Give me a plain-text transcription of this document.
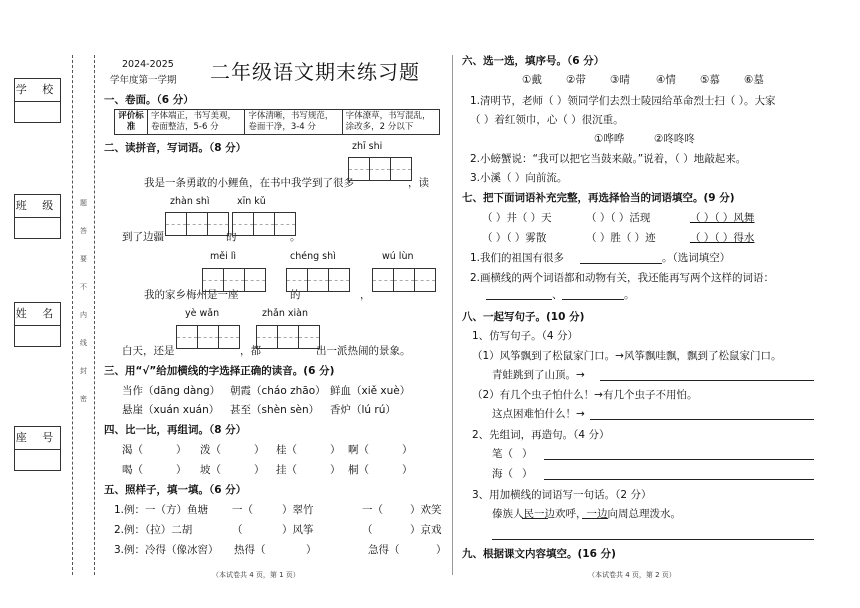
学 校
班 级
姓 名
座 号
题
答
要
不
内
线
封
密
2024-2025
学年度第一学期 二年级语文期末练习题
一、卷面。（6 分）
评价标准	字体端正，书写美观，卷面整洁，5-6 分	字体清晰，书写规范，卷面干净，3-4 分	字体潦草，书写混乱，涂改多，2 分以下
二、读拼音，写词语。（8 分）	zhī shi
我是一条勇敢的小鲤鱼，在书中我学到了很多	，读
zhàn shì	xīn kǔ
到了边疆	的	。
měi lì	chéng shì	wú lùn
我的家乡梅州是一座	的	，
yè wǎn	zhǎn xiàn
白天，还是	，都	出一派热闹的景象。
三、用“√”给加横线的字选择正确的读音。(6 分)
当作（dāng dàng） 朝霞（cháo zhāo） 鲜血（xiě xuè）
悬崖（xuán xuán） 甚至（shèn sèn） 香炉（lú rú）
四、比一比，再组词。（8 分）
渴（	） 泼（	） 桂（	） 啊（	）
喝（	） 坡（	） 挂（	） 桐（	）
五、照样子，填一填。（6 分）
1.例：一（方）鱼塘 一（	）翠竹	一（	）欢笑
2.例：（拉）二胡	（	）风筝	（	）京戏
3.例：冷得（像冰窖） 热得（	）	急得（	）
（本试卷共 4 页，第 1 页）
六、选一选，填序号。（6 分）
①戴 ②带 ③晴 ④情 ⑤慕 ⑥墓
1.清明节，老师（ ）领同学们去烈士陵园给革命烈士扫（ ）。大家
（ ）着红领巾，心（ ）很沉重。
①哗哗	②咚咚咚
2.小螃蟹说：“我可以把它当鼓来敲。”说着，（ ）地敲起来。
3.小溪（ ）向前流。
七、把下面词语补充完整，再选择恰当的词语填空。(9 分)
（ ）井（ ）天	（ ）（ ）活现	（ ）（ ）风舞
（ ）（ ）雾散	（ ）胜（ ）迹	（ ）（ ）得水
1.我们的祖国有很多	。（选词填空）
2.画横线的两个词语都和动物有关，我还能再写两个这样的词语：
、	。
八、一起写句子。(10 分)
1、仿写句子。（4 分）
（1）风筝飘到了松鼠家门口。→风筝飘哇飘，飘到了松鼠家门口。
青蛙跳到了山顶。→
（2）有几个虫子怕什么！→有几个虫子不用怕。
这点困难怕什么！→
2、先组词，再造句。（4 分）
笔（ ）
海（ ）
3、用加横线的词语写一句话。（2 分）
傣族人民一边欢呼，一边向周总理泼水。
九、根据课文内容填空。(16 分)
（本试卷共 4 页，第 2 页）
